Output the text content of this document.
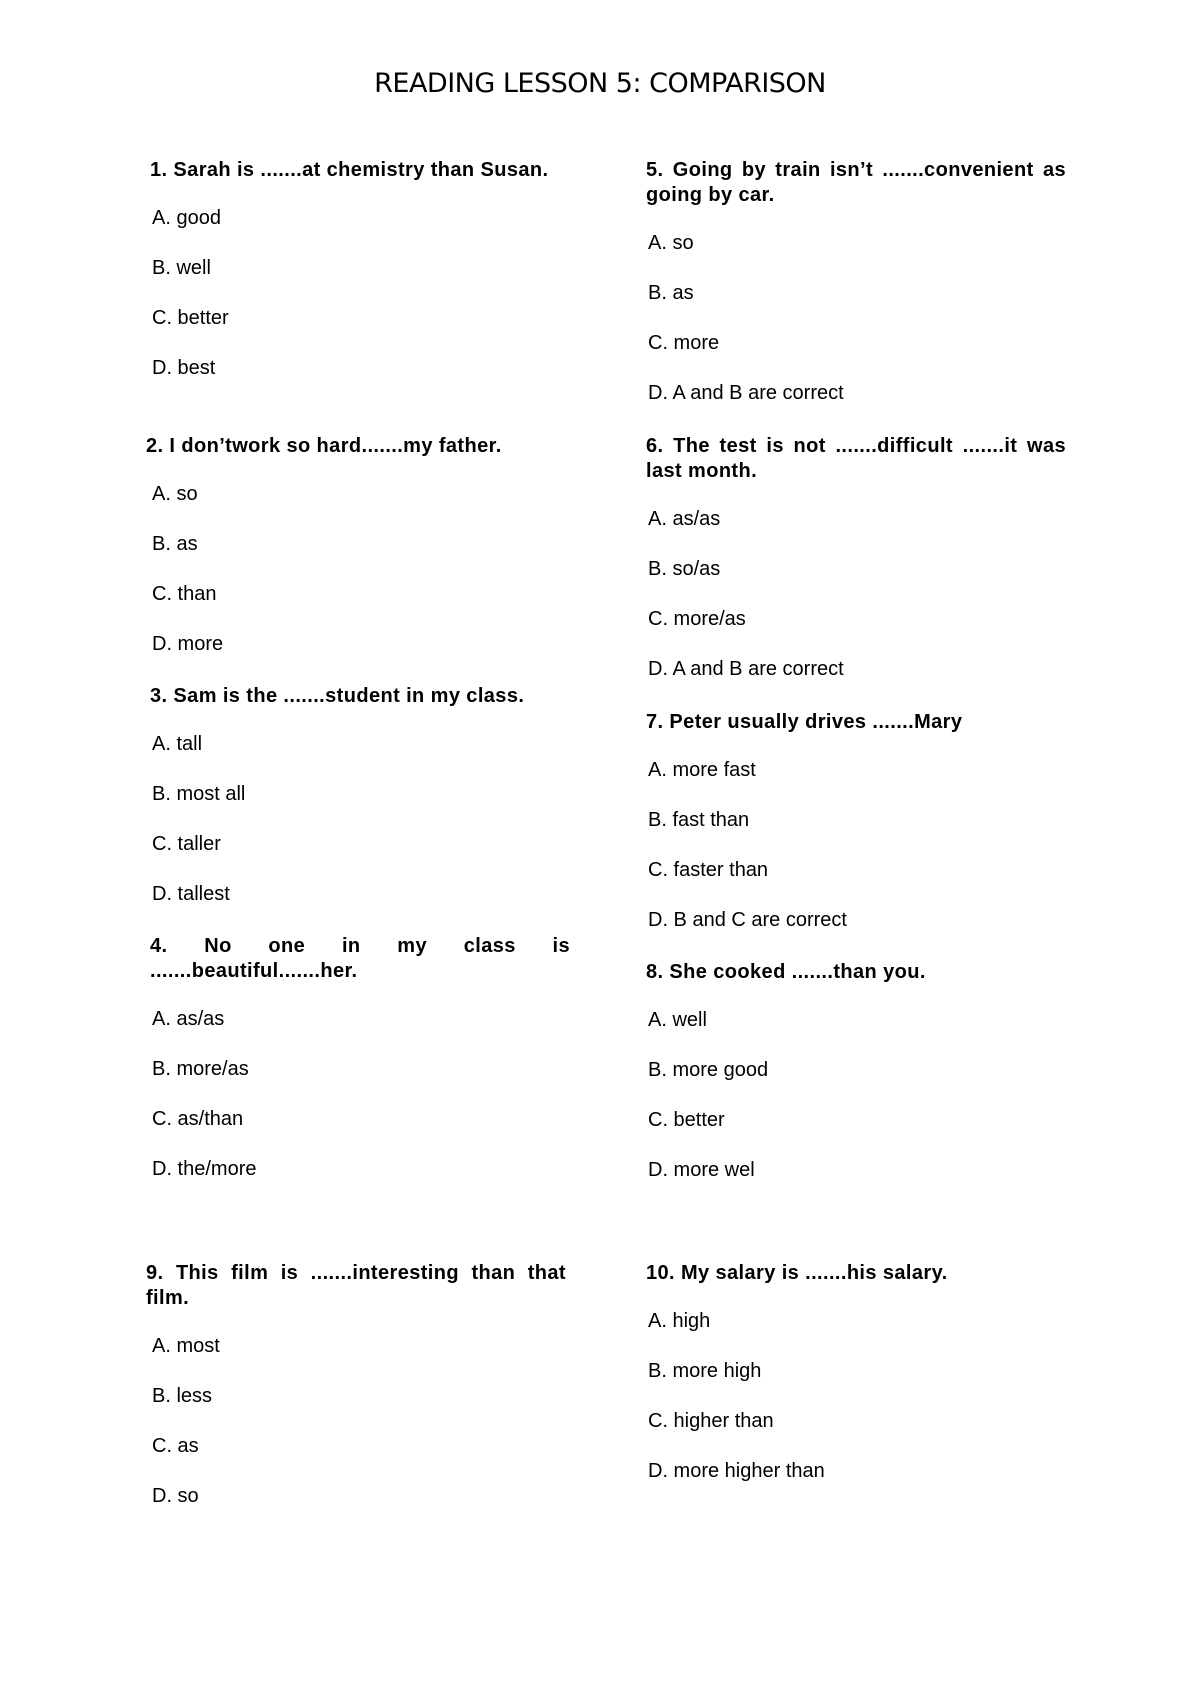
READING LESSON 5: COMPARISON

1. Sarah is .......at chemistry than Susan.

A. good
B. well
C. better
D. best

2. I don’twork so hard.......my father.

A. so
B. as
C. than
D. more

3. Sam is the .......student in my class.

A. tall
B. most all
C. taller
D. tallest

4. No one in my class is .......beautiful.......her.

A. as/as
B. more/as
C. as/than
D. the/more

5. Going by train isn’t .......convenient as going by car.

A. so
B. as
C. more
D. A and B are correct

6. The test is not .......difficult .......it was last month.

A. as/as
B. so/as
C. more/as
D. A and B are correct

7. Peter usually drives .......Mary

A. more fast
B. fast than
C. faster than
D. B and C are correct

8. She cooked .......than you.

A. well
B. more good
C. better
D. more wel

9. This film is .......interesting than that film.

A. most
B. less
C. as
D. so

10. My salary is .......his salary.

A. high
B. more high
C. higher than
D. more higher than
